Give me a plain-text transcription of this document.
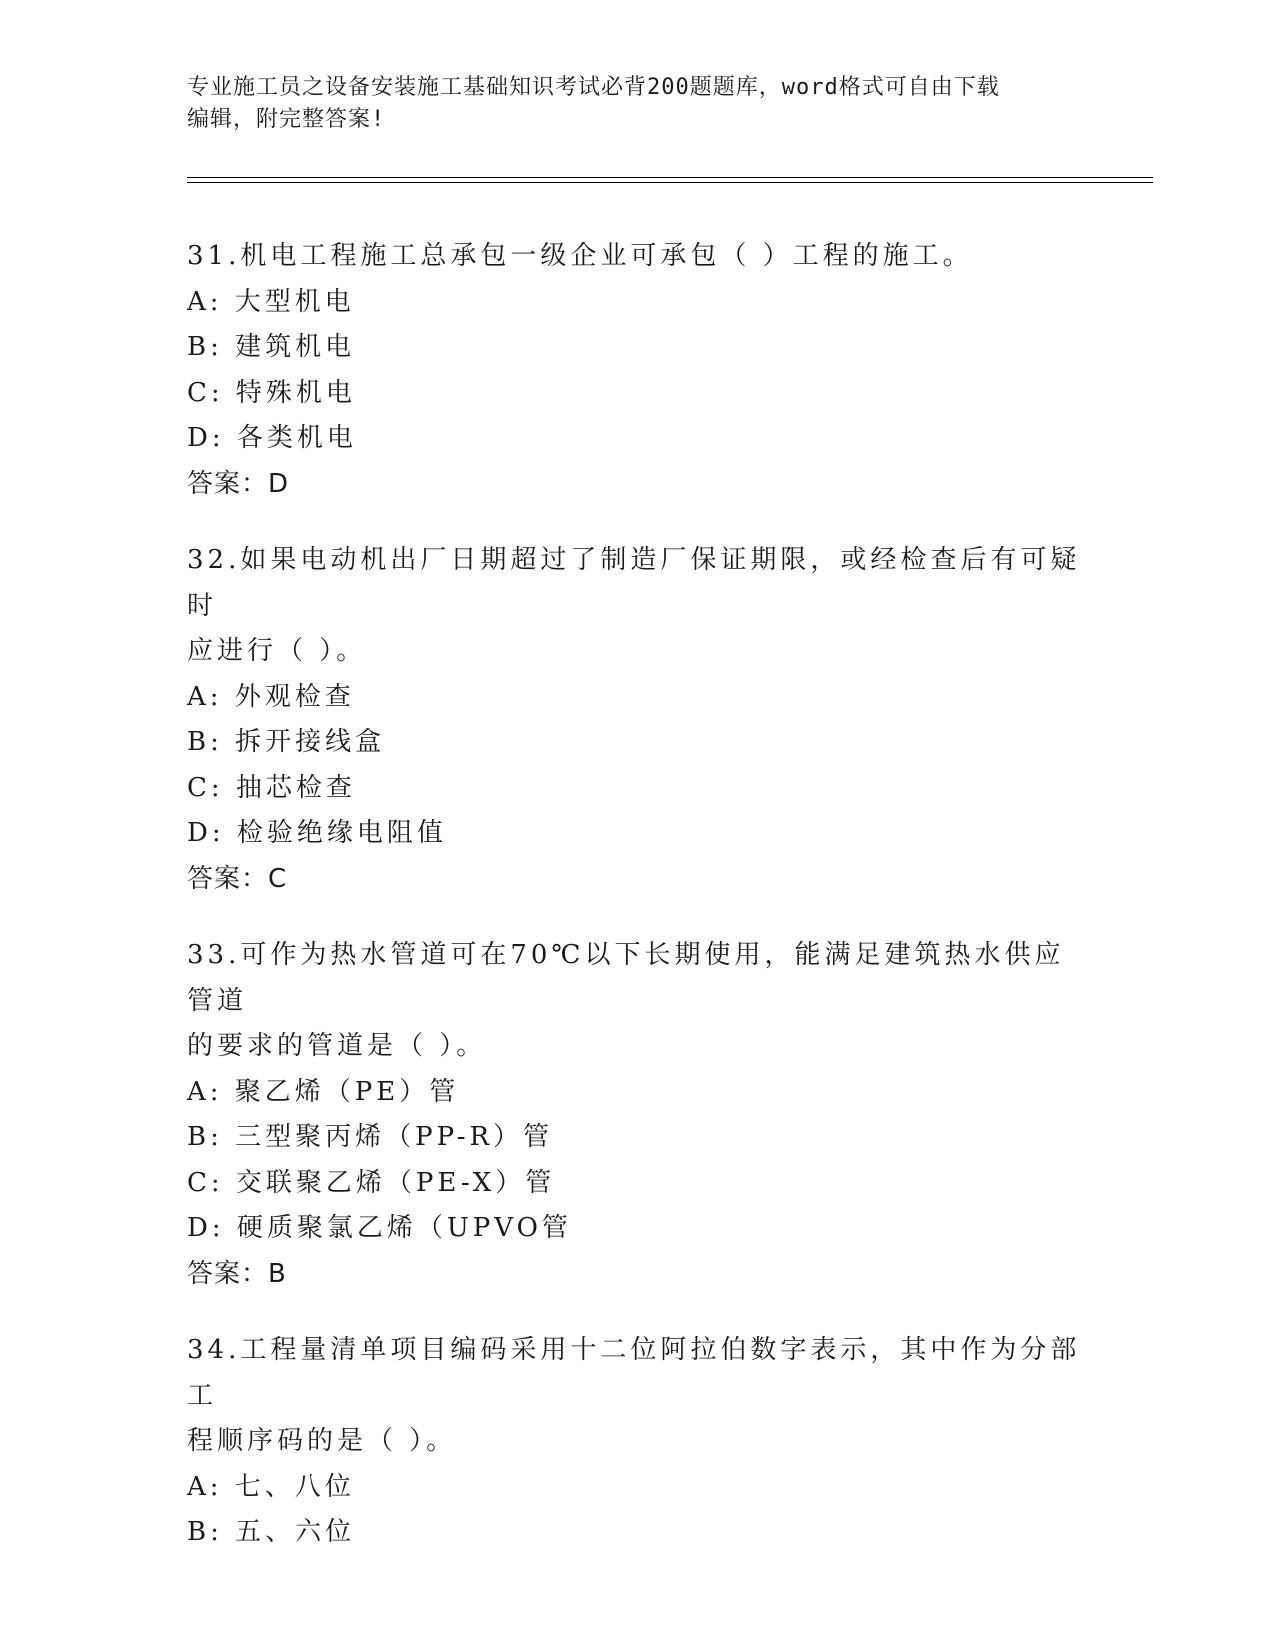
专业施工员之设备安装施工基础知识考试必背200题题库，word格式可自由下载
编辑，附完整答案!
31.机电工程施工总承包一级企业可承包（ ）工程的施工。
A: 大型机电
B: 建筑机电
C: 特殊机电
D: 各类机电
答案：D
32.如果电动机出厂日期超过了制造厂保证期限，或经检查后有可疑时
应进行（ ）。
A: 外观检查
B: 拆开接线盒
C: 抽芯检查
D: 检验绝缘电阻值
答案：C
33.可作为热水管道可在70℃以下长期使用，能满足建筑热水供应管道
的要求的管道是（ ）。
A: 聚乙烯（PE）管
B: 三型聚丙烯（PP-R）管
C: 交联聚乙烯（PE-X）管
D: 硬质聚氯乙烯（UPVO管
答案：B
34.工程量清单项目编码采用十二位阿拉伯数字表示，其中作为分部工
程顺序码的是（ ）。
A: 七、八位
B: 五、六位
